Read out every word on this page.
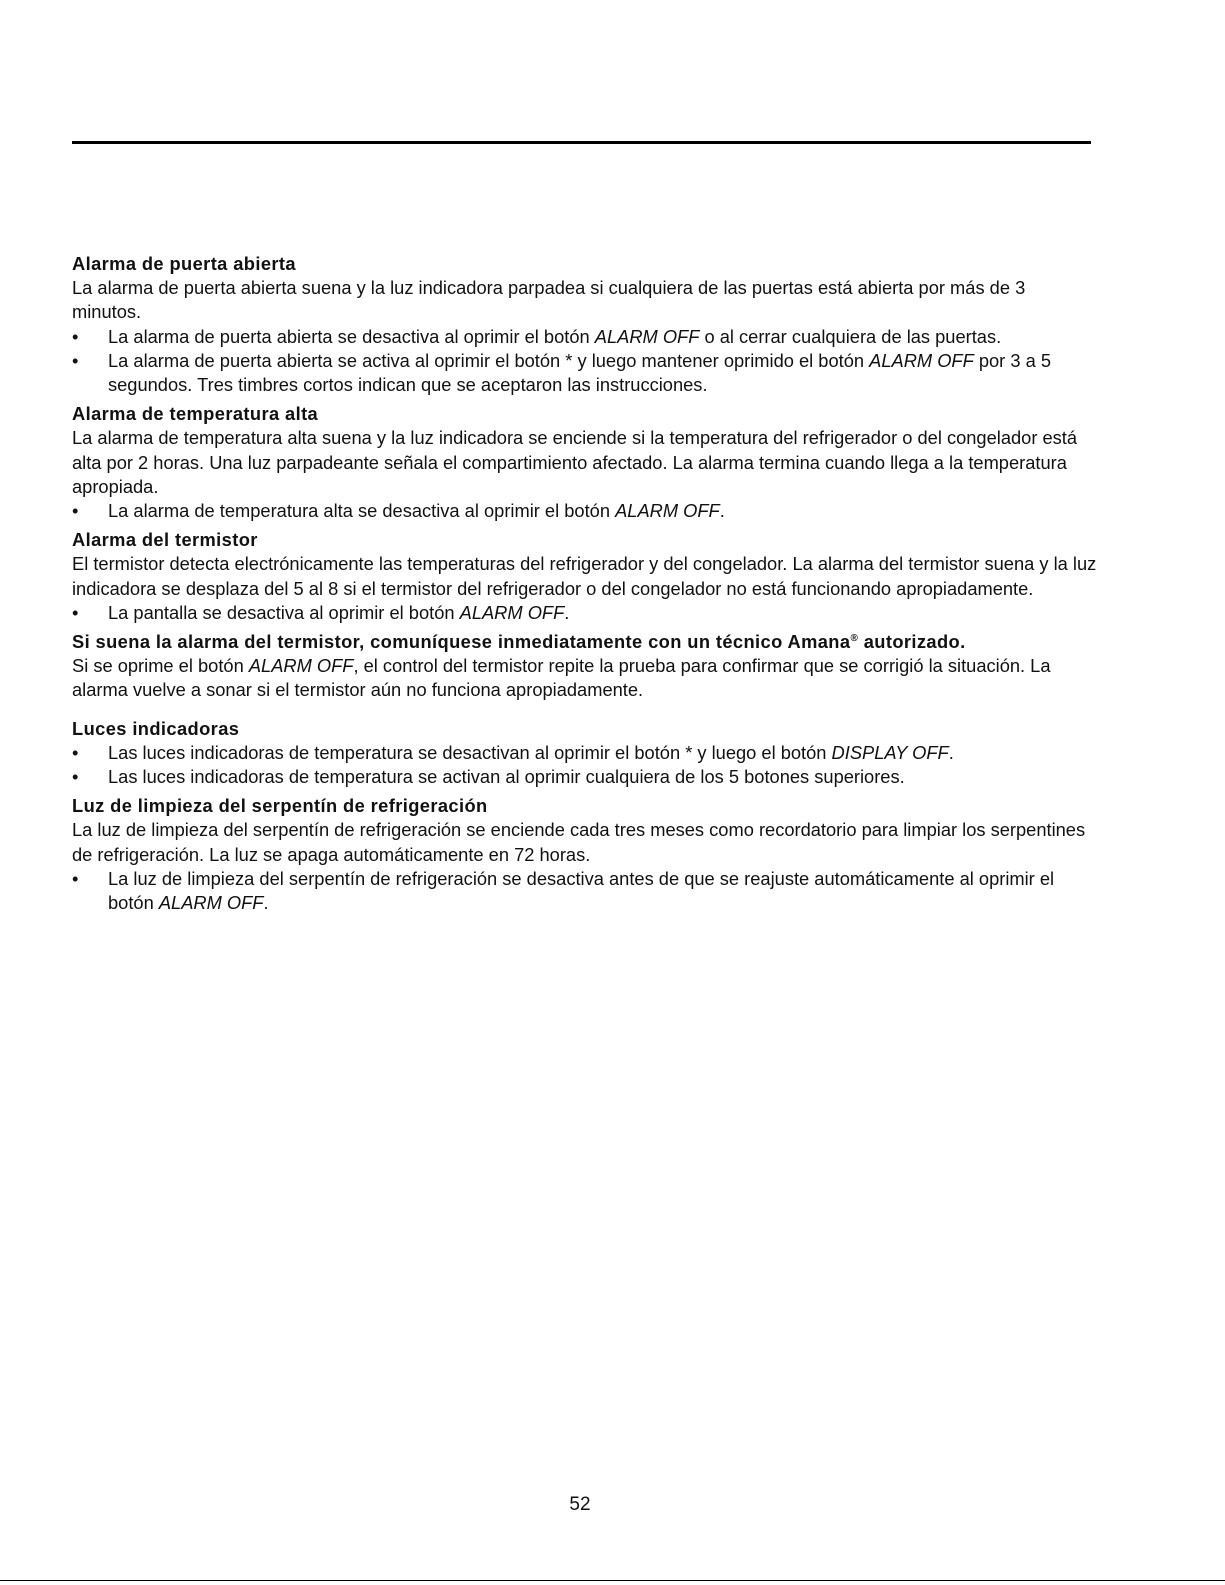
Alarma de puerta abierta

La alarma de puerta abierta suena y la luz indicadora parpadea si cualquiera de las puertas está abierta por más de 3 minutos.

• La alarma de puerta abierta se desactiva al oprimir el botón ALARM OFF o al cerrar cualquiera de las puertas.

• La alarma de puerta abierta se activa al oprimir el botón * y luego mantener oprimido el botón ALARM OFF por 3 a 5 segundos. Tres timbres cortos indican que se aceptaron las instrucciones.

Alarma de temperatura alta

La alarma de temperatura alta suena y la luz indicadora se enciende si la temperatura del refrigerador o del congelador está alta por 2 horas. Una luz parpadeante señala el compartimiento afectado. La alarma termina cuando llega a la temperatura apropiada.

• La alarma de temperatura alta se desactiva al oprimir el botón ALARM OFF.

Alarma del termistor

El termistor detecta electrónicamente las temperaturas del refrigerador y del congelador. La alarma del termistor suena y la luz indicadora se desplaza del 5 al 8 si el termistor del refrigerador o del congelador no está funcionando apropiadamente.

• La pantalla se desactiva al oprimir el botón ALARM OFF.

Si suena la alarma del termistor, comuníquese inmediatamente con un técnico Amana® autorizado.

Si se oprime el botón ALARM OFF, el control del termistor repite la prueba para confirmar que se corrigió la situación. La alarma vuelve a sonar si el termistor aún no funciona apropiadamente.

Luces indicadoras

• Las luces indicadoras de temperatura se desactivan al oprimir el botón * y luego el botón DISPLAY OFF.

• Las luces indicadoras de temperatura se activan al oprimir cualquiera de los 5 botones superiores.

Luz de limpieza del serpentín de refrigeración

La luz de limpieza del serpentín de refrigeración se enciende cada tres meses como recordatorio para limpiar los serpentines de refrigeración. La luz se apaga automáticamente en 72 horas.

• La luz de limpieza del serpentín de refrigeración se desactiva antes de que se reajuste automáticamente al oprimir el botón ALARM OFF.

52
